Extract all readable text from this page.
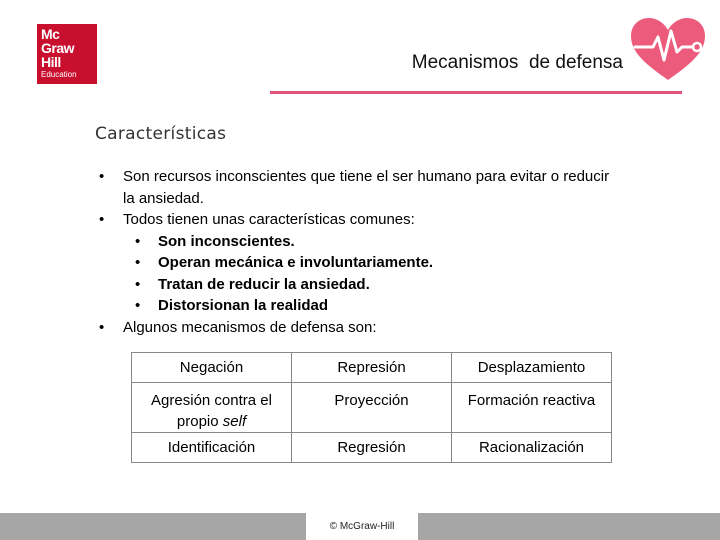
Mc
Graw
Hill
Education
Mecanismos  de defensa
Características
• Son recursos inconscientes que tiene el ser humano para evitar o reducir la ansiedad.
• Todos tienen unas características comunes:
• Son inconscientes.
• Operan mecánica e involuntariamente.
• Tratan de reducir la ansiedad.
• Distorsionan la realidad
• Algunos mecanismos de defensa son:
Negación	Represión	Desplazamiento
Agresión contra el propio self	Proyección	Formación reactiva
Identificación	Regresión	Racionalización
© McGraw-Hill
